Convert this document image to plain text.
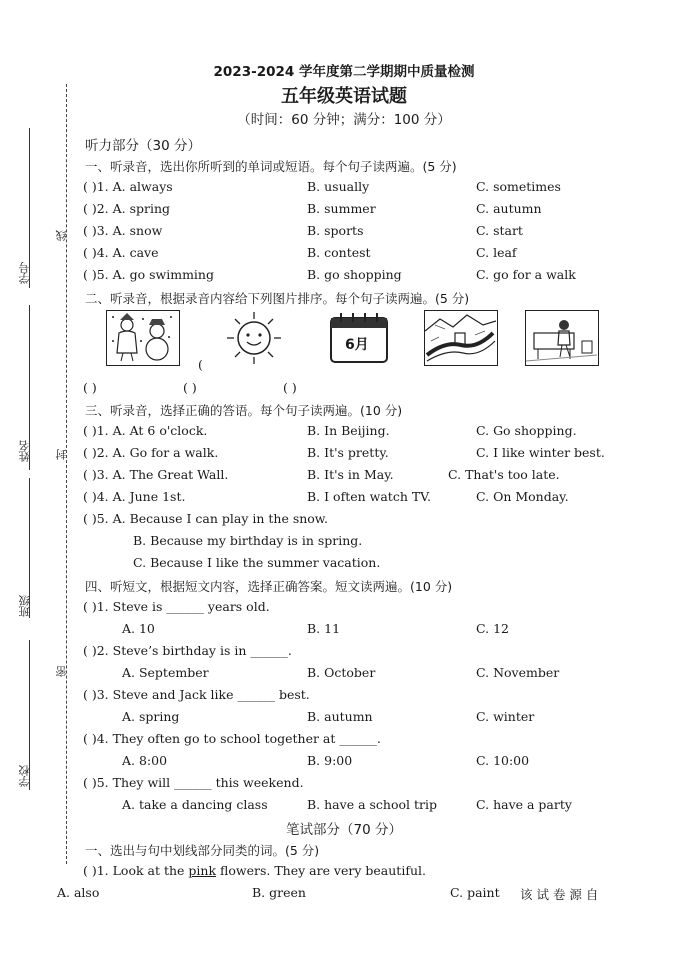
学号
姓名
班级
学校
线
封
密
2023-2024 学年度第二学期期中质量检测
五年级英语试题
（时间：60 分钟；满分：100 分）
听力部分（30 分）
一、听录音，选出你所听到的单词或短语。每个句子读两遍。(5 分)
( )1. A. always	B. usually	C. sometimes
( )2. A. spring	B. summer	C. autumn
( )3. A. snow	B. sports	C. start
( )4. A. cave	B. contest	C. leaf
( )5. A. go swimming	B. go shopping	C. go for a walk
二、听录音，根据录音内容给下列图片排序。每个句子读两遍。(5 分)
(
6月
( )	( )	( )
三、听录音，选择正确的答语。每个句子读两遍。(10 分)
( )1. A. At 6 o'clock.	B. In Beijing.	C. Go shopping.
( )2. A. Go for a walk.	B. It's pretty.	C. I like winter best.
( )3. A. The Great Wall.	B. It's in May.	C. That's too late.
( )4. A. June 1st.	B. I often watch TV.	C. On Monday.
( )5. A. Because I can play in the snow.
B. Because my birthday is in spring.
C. Because I like the summer vacation.
四、听短文，根据短文内容，选择正确答案。短文读两遍。(10 分)
( )1. Steve is ______ years old.
A. 10	B. 11	C. 12
( )2. Steve’s birthday is in ______.
A. September	B. October	C. November
( )3. Steve and Jack like ______ best.
A. spring	B. autumn	C. winter
( )4. They often go to school together at ______.
A. 8:00	B. 9:00	C. 10:00
( )5. They will ______ this weekend.
A. take a dancing class	B. have a school trip	C. have a party
笔试部分（70 分）
一、选出与句中划线部分同类的词。(5 分)
( )1. Look at the pink flowers. They are very beautiful.
A. also	B. green	C. paint 该 试 卷 源 自
